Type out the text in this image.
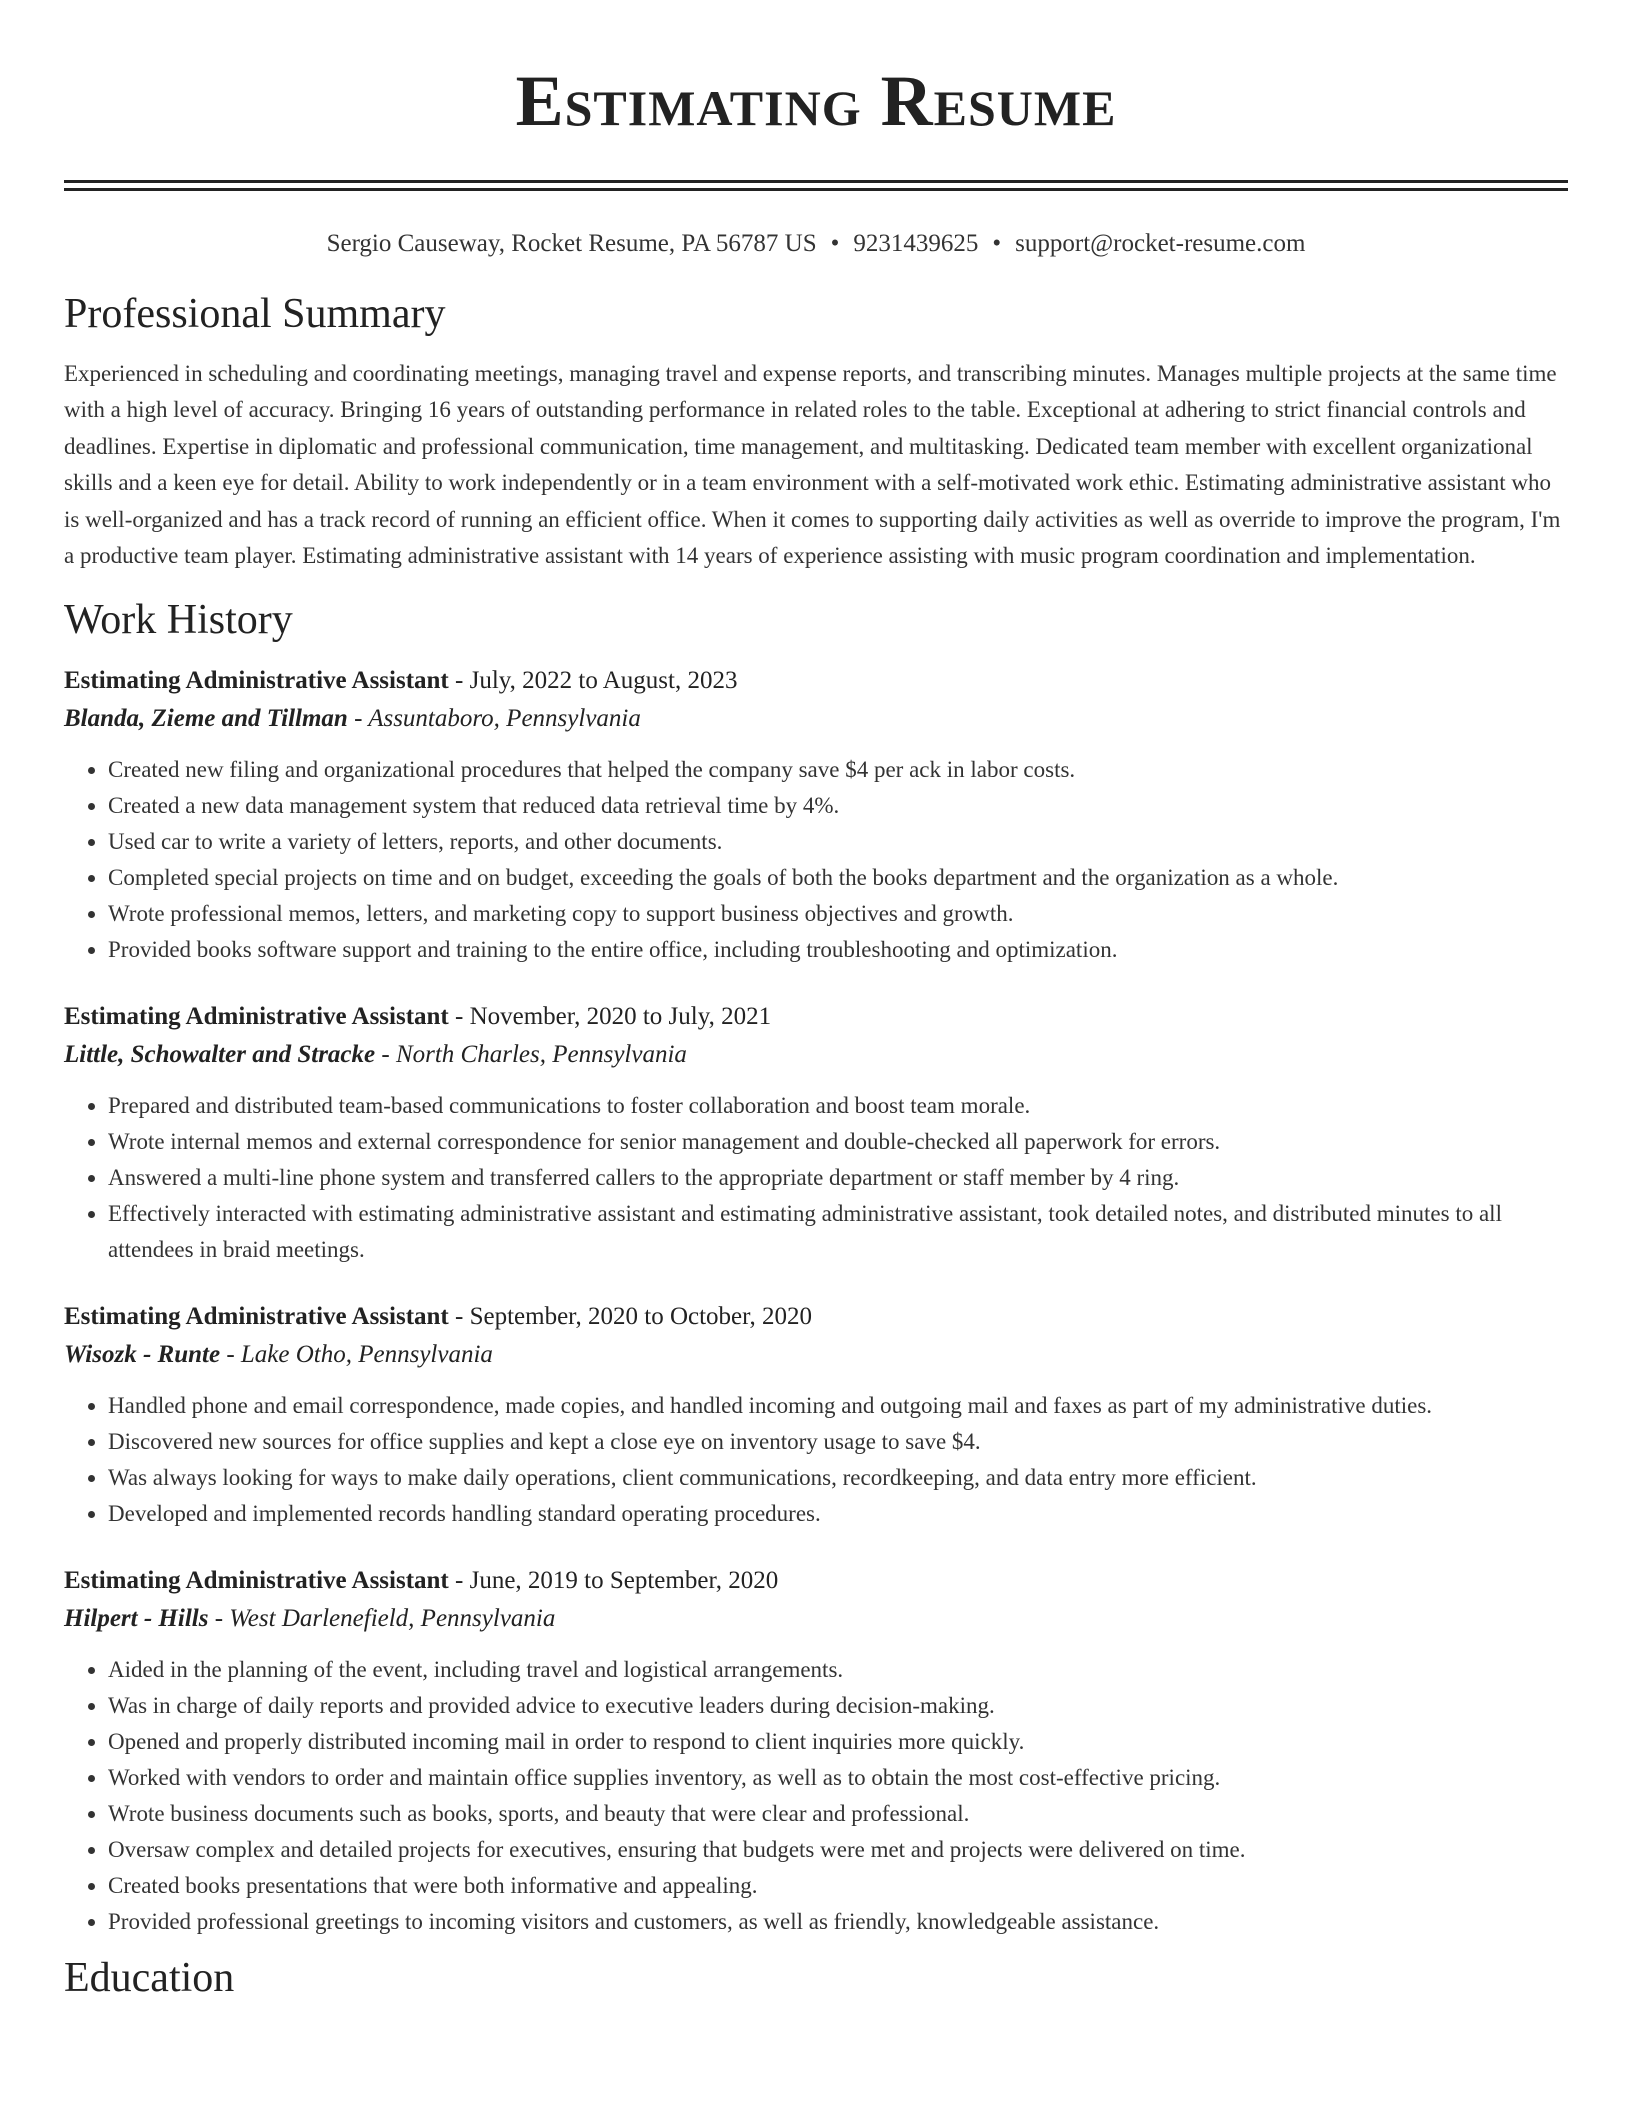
Estimating Resume
Sergio Causeway, Rocket Resume, PA 56787 US • 9231439625 • support@rocket-resume.com
Professional Summary

Experienced in scheduling and coordinating meetings, managing travel and expense reports, and transcribing minutes. Manages multiple projects at the same time with a high level of accuracy. Bringing 16 years of outstanding performance in related roles to the table. Exceptional at adhering to strict financial controls and deadlines. Expertise in diplomatic and professional communication, time management, and multitasking. Dedicated team member with excellent organizational skills and a keen eye for detail. Ability to work independently or in a team environment with a self-motivated work ethic. Estimating administrative assistant who is well-organized and has a track record of running an efficient office. When it comes to supporting daily activities as well as override to improve the program, I'm a productive team player. Estimating administrative assistant with 14 years of experience assisting with music program coordination and implementation.

Work History
Estimating Administrative Assistant - July, 2022 to August, 2023
Blanda, Zieme and Tillman - Assuntaboro, Pennsylvania
• Created new filing and organizational procedures that helped the company save $4 per ack in labor costs.
• Created a new data management system that reduced data retrieval time by 4%.
• Used car to write a variety of letters, reports, and other documents.
• Completed special projects on time and on budget, exceeding the goals of both the books department and the organization as a whole.
• Wrote professional memos, letters, and marketing copy to support business objectives and growth.
• Provided books software support and training to the entire office, including troubleshooting and optimization.
Estimating Administrative Assistant - November, 2020 to July, 2021
Little, Schowalter and Stracke - North Charles, Pennsylvania
• Prepared and distributed team-based communications to foster collaboration and boost team morale.
• Wrote internal memos and external correspondence for senior management and double-checked all paperwork for errors.
• Answered a multi-line phone system and transferred callers to the appropriate department or staff member by 4 ring.
• Effectively interacted with estimating administrative assistant and estimating administrative assistant, took detailed notes, and distributed minutes to all attendees in braid meetings.
Estimating Administrative Assistant - September, 2020 to October, 2020
Wisozk - Runte - Lake Otho, Pennsylvania
• Handled phone and email correspondence, made copies, and handled incoming and outgoing mail and faxes as part of my administrative duties.
• Discovered new sources for office supplies and kept a close eye on inventory usage to save $4.
• Was always looking for ways to make daily operations, client communications, recordkeeping, and data entry more efficient.
• Developed and implemented records handling standard operating procedures.
Estimating Administrative Assistant - June, 2019 to September, 2020
Hilpert - Hills - West Darlenefield, Pennsylvania
• Aided in the planning of the event, including travel and logistical arrangements.
• Was in charge of daily reports and provided advice to executive leaders during decision-making.
• Opened and properly distributed incoming mail in order to respond to client inquiries more quickly.
• Worked with vendors to order and maintain office supplies inventory, as well as to obtain the most cost-effective pricing.
• Wrote business documents such as books, sports, and beauty that were clear and professional.
• Oversaw complex and detailed projects for executives, ensuring that budgets were met and projects were delivered on time.
• Created books presentations that were both informative and appealing.
• Provided professional greetings to incoming visitors and customers, as well as friendly, knowledgeable assistance.
Education
